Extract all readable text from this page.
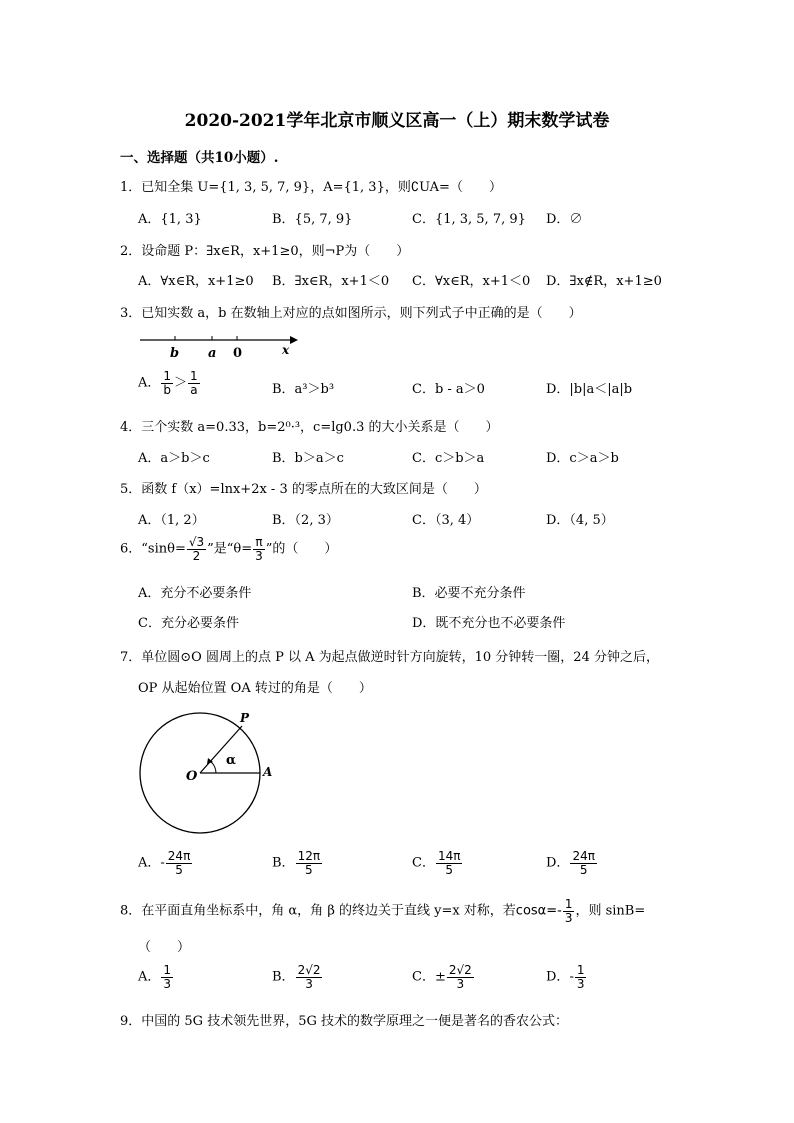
2020-2021学年北京市顺义区高一（上）期末数学试卷
一、选择题（共10小题）.
1．已知全集 U={1, 3, 5, 7, 9}，A={1, 3}，则∁UA=（　　）
A．{1, 3}	B．{5, 7, 9}	C．{1, 3, 5, 7, 9} D．∅
2．设命题 P：∃x∈R，x+1≥0，则¬P为（　　）
A．∀x∈R，x+1≥0 B．∃x∈R，x+1＜0 C．∀x∈R，x+1＜0 D．∃x∉R，x+1≥0
3．已知实数 a，b 在数轴上对应的点如图所示，则下列式子中正确的是（　　）
b a 0	x
A． $\frac{1}{b} > \frac{1}{a}$	B．a³＞b³	C．b - a＞0	D．|b|a＜|a|b
4．三个实数 a=0.33，b=2⁰·³，c=lg0.3 的大小关系是（　　）
A．a＞b＞c	B．b＞a＞c	C．c＞b＞a	D．c＞a＞b
5．函数 f（x）=lnx+2x - 3 的零点所在的大致区间是（　　）
A．（1, 2）	B．（2, 3）	C．（3, 4）	D．（4, 5）
6．“$\sin\theta= \frac{√3}{2}$ ”是“$\theta= \frac{\pi}{3}$ ”的（　　）
A．充分不必要条件	B．必要不充分条件
C．充分必要条件	D．既不充分也不必要条件
7．单位圆⊙O 圆周上的点 P 以 A 为起点做逆时针方向旋转，10 分钟转一圈，24 分钟之后，
OP 从起始位置 OA 转过的角是（　　）
O	A
P
α
A．- $\frac{24\pi}{5}$	B． $\frac{12\pi}{5}$	C． $\frac{14\pi}{5}$	D． $\frac{24\pi}{5}$
8．在平面直角坐标系中，角 α，角 β 的终边关于直线 y=x 对称，若$\cos\alpha=- \frac{1}{3}$ ，则 sinB=
（　　）
A． $\frac{1}{3}$	B． $\frac{2√2}{3}$	C．± $\frac{2√2}{3}$	D．- $\frac{1}{3}$
9．中国的 5G 技术领先世界，5G 技术的数学原理之一便是著名的香农公式：
